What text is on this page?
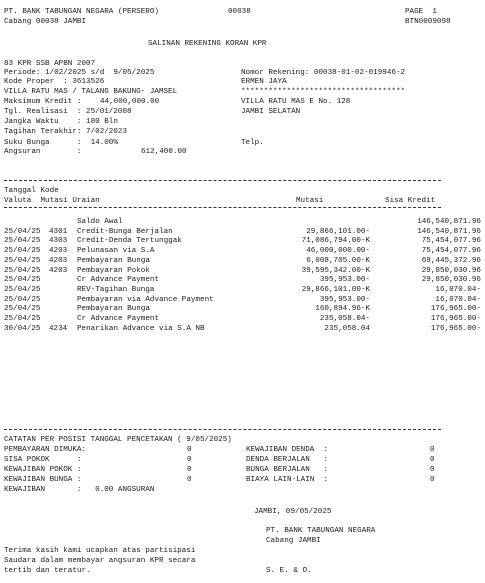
PT. BANK TABUNGAN NEGARA (PERSERO)	00038	PAGE  1
Cabang 00038 JAMBI	BTN0009098
SALINAN REKENING KORAN KPR
83 KPR SSB APBN 2007
Periode: 1/02/2025 s/d  9/05/2025	Nomor Rekening: 00038-01-02-019946-2
Kode Proper  : 3613526	ERMEN JAYA
VILLA RATU MAS / TALANG BAKUNG- JAMSEL	************************************
Maksimum Kredit : 44,000,000.00	VILLA RATU MAS E No. 128
Tgl. Realisasi  : 25/01/2008	JAMBI SELATAN
Jangka Waktu    : 180 Bln
Tagihan Terakhir: 7/02/2023
Suku Bunga      :  14.00%	Telp.
Angsuran        :	612,400.00
Tanggal Kode
Valuta  Mutasi Uraian	Mutasi	Sisa Kredit
Saldo Awal	146,540,871.96
25/04/25 4301 Credit-Bunga Berjalan	29,866,101.00-	146,540,871.96
25/04/25 4303 Credit-Denda Tertunggak	71,086,794.00-K	75,454,077.96
25/04/25 4203 Pelunasan via S.A	46,000,000.00-	75,454,077.96
25/04/25 4203 Pembayaran Bunga	6,008,705.00-K	69,445,372.96
25/04/25 4203 Pembayaran Pokok	39,595,342.00-K	29,850,030.96
25/04/25	Cr Advance Payment	395,953.00-	29,850,030.96
25/04/25	REV-Tagihan Bunga	29,866,101.00-K	16,070.04-
25/04/25	Pembayaran via Advance Payment	395,953.00-	16,070.04-
25/04/25	Pembayaran Bunga	160,894.96-K	176,965.00-
25/04/25	Cr Advance Payment	235,058.04-	176,965.00-
30/04/25 4234 Penarikan Advance via S.A NB	235,058.04	176,965.00-
CATATAN PER POSISI TANGGAL PENCETAKAN ( 9/05/2025)
PEMBAYARAN DIMUKA:	0	KEWAJIBAN DENDA  :	0
SISA POKOK      :	0	DENDA BERJALAN   :	0
KEWAJIBAN POKOK :	0	BUNGA BERJALAN   :	0
KEWAJIBAN BUNGA :	0	BIAYA LAIN-LAIN  :	0
KEWAJIBAN       :   0.00 ANGSURAN
JAMBI, 09/05/2025
PT. BANK TABUNGAN NEGARA
Cabang JAMBI
Terima kasih kami ucapkan atas partisipasi
Saudara dalam membayar angsuran KPR secara
tertib dan teratur.	S. E. & O.
